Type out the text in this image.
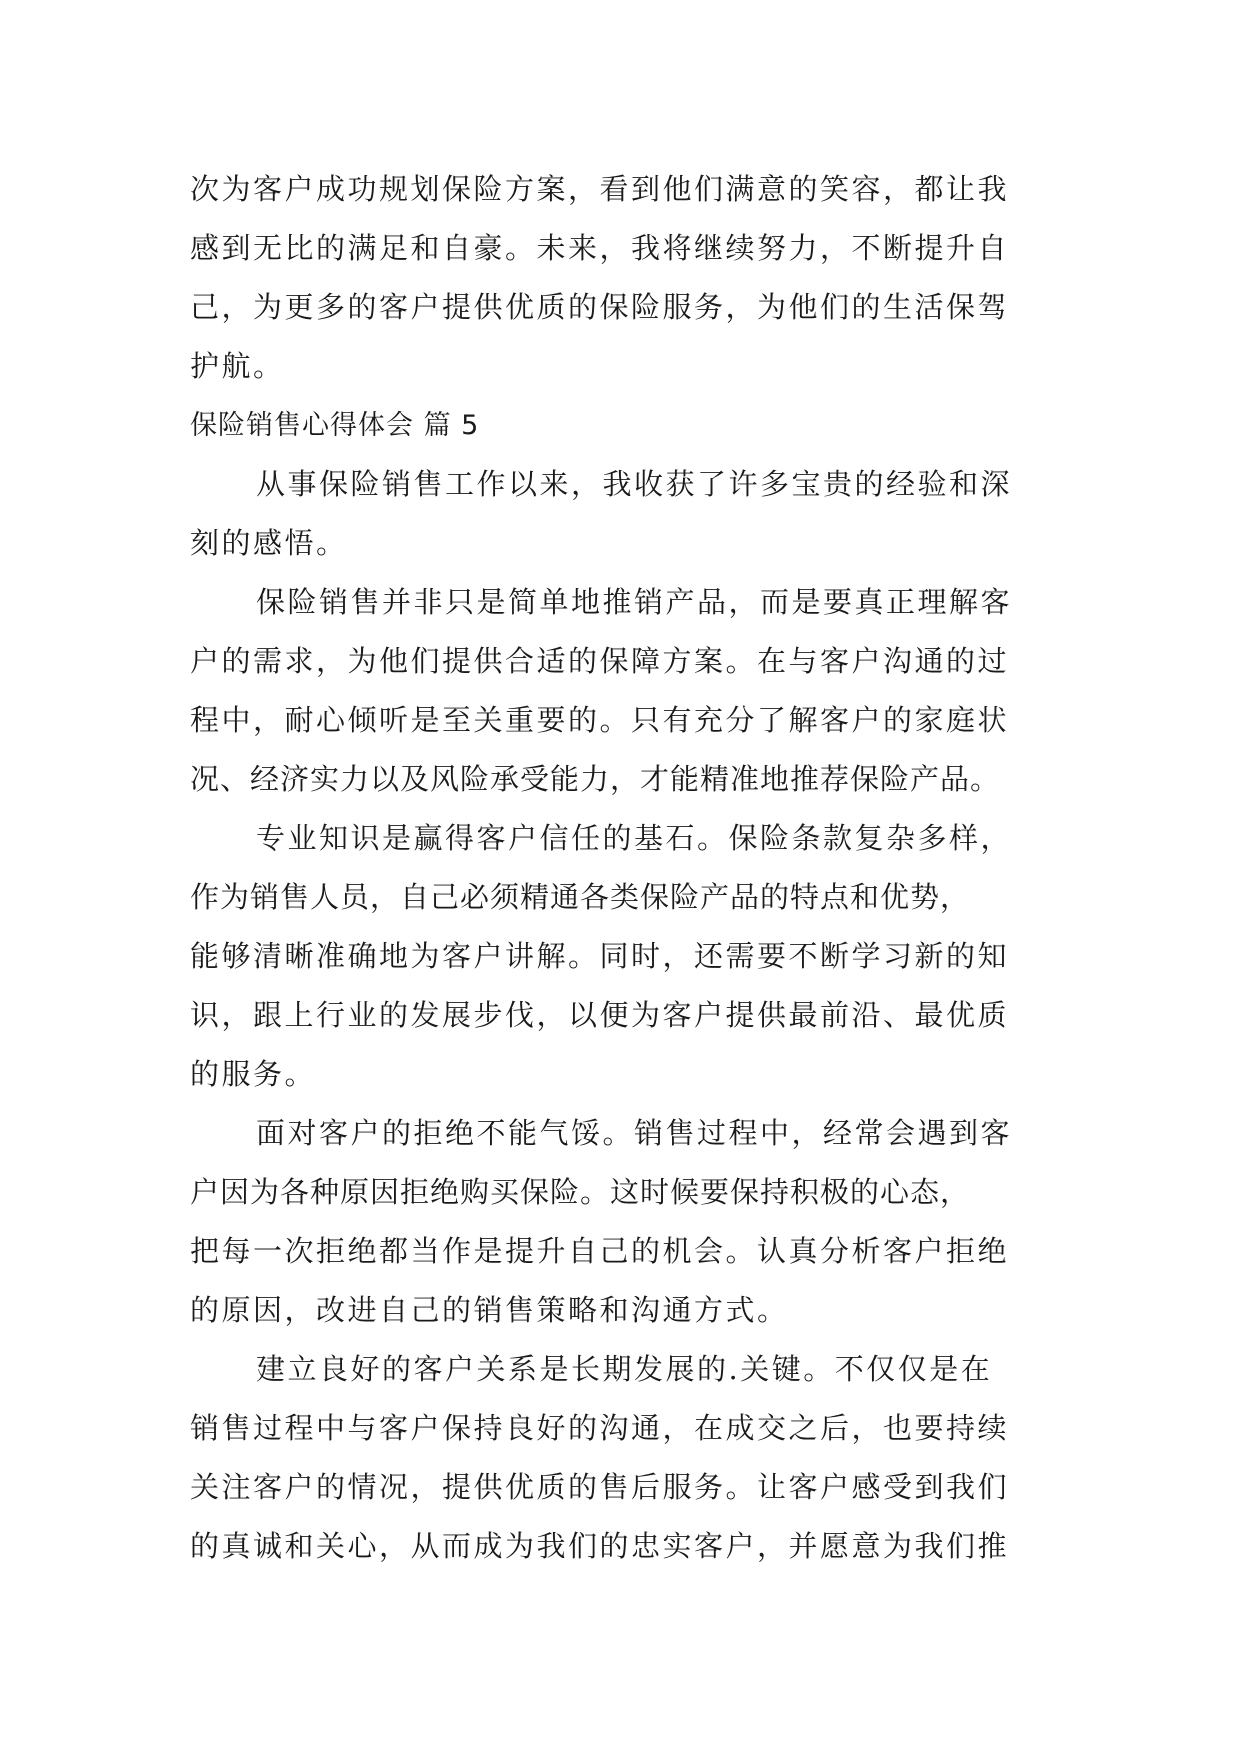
次为客户成功规划保险方案，看到他们满意的笑容，都让我
感到无比的满足和自豪。未来，我将继续努力，不断提升自
己，为更多的客户提供优质的保险服务，为他们的生活保驾
护航。
保险销售心得体会 篇 5
从事保险销售工作以来，我收获了许多宝贵的经验和深
刻的感悟。
保险销售并非只是简单地推销产品，而是要真正理解客
户的需求，为他们提供合适的保障方案。在与客户沟通的过
程中，耐心倾听是至关重要的。只有充分了解客户的家庭状
况、经济实力以及风险承受能力，才能精准地推荐保险产品。
专业知识是赢得客户信任的基石。保险条款复杂多样，
作为销售人员，自己必须精通各类保险产品的特点和优势，
能够清晰准确地为客户讲解。同时，还需要不断学习新的知
识，跟上行业的发展步伐，以便为客户提供最前沿、最优质
的服务。
面对客户的拒绝不能气馁。销售过程中，经常会遇到客
户因为各种原因拒绝购买保险。这时候要保持积极的心态，
把每一次拒绝都当作是提升自己的机会。认真分析客户拒绝
的原因，改进自己的销售策略和沟通方式。
建立良好的客户关系是长期发展的.关键。不仅仅是在
销售过程中与客户保持良好的沟通，在成交之后，也要持续
关注客户的情况，提供优质的售后服务。让客户感受到我们
的真诚和关心，从而成为我们的忠实客户，并愿意为我们推
